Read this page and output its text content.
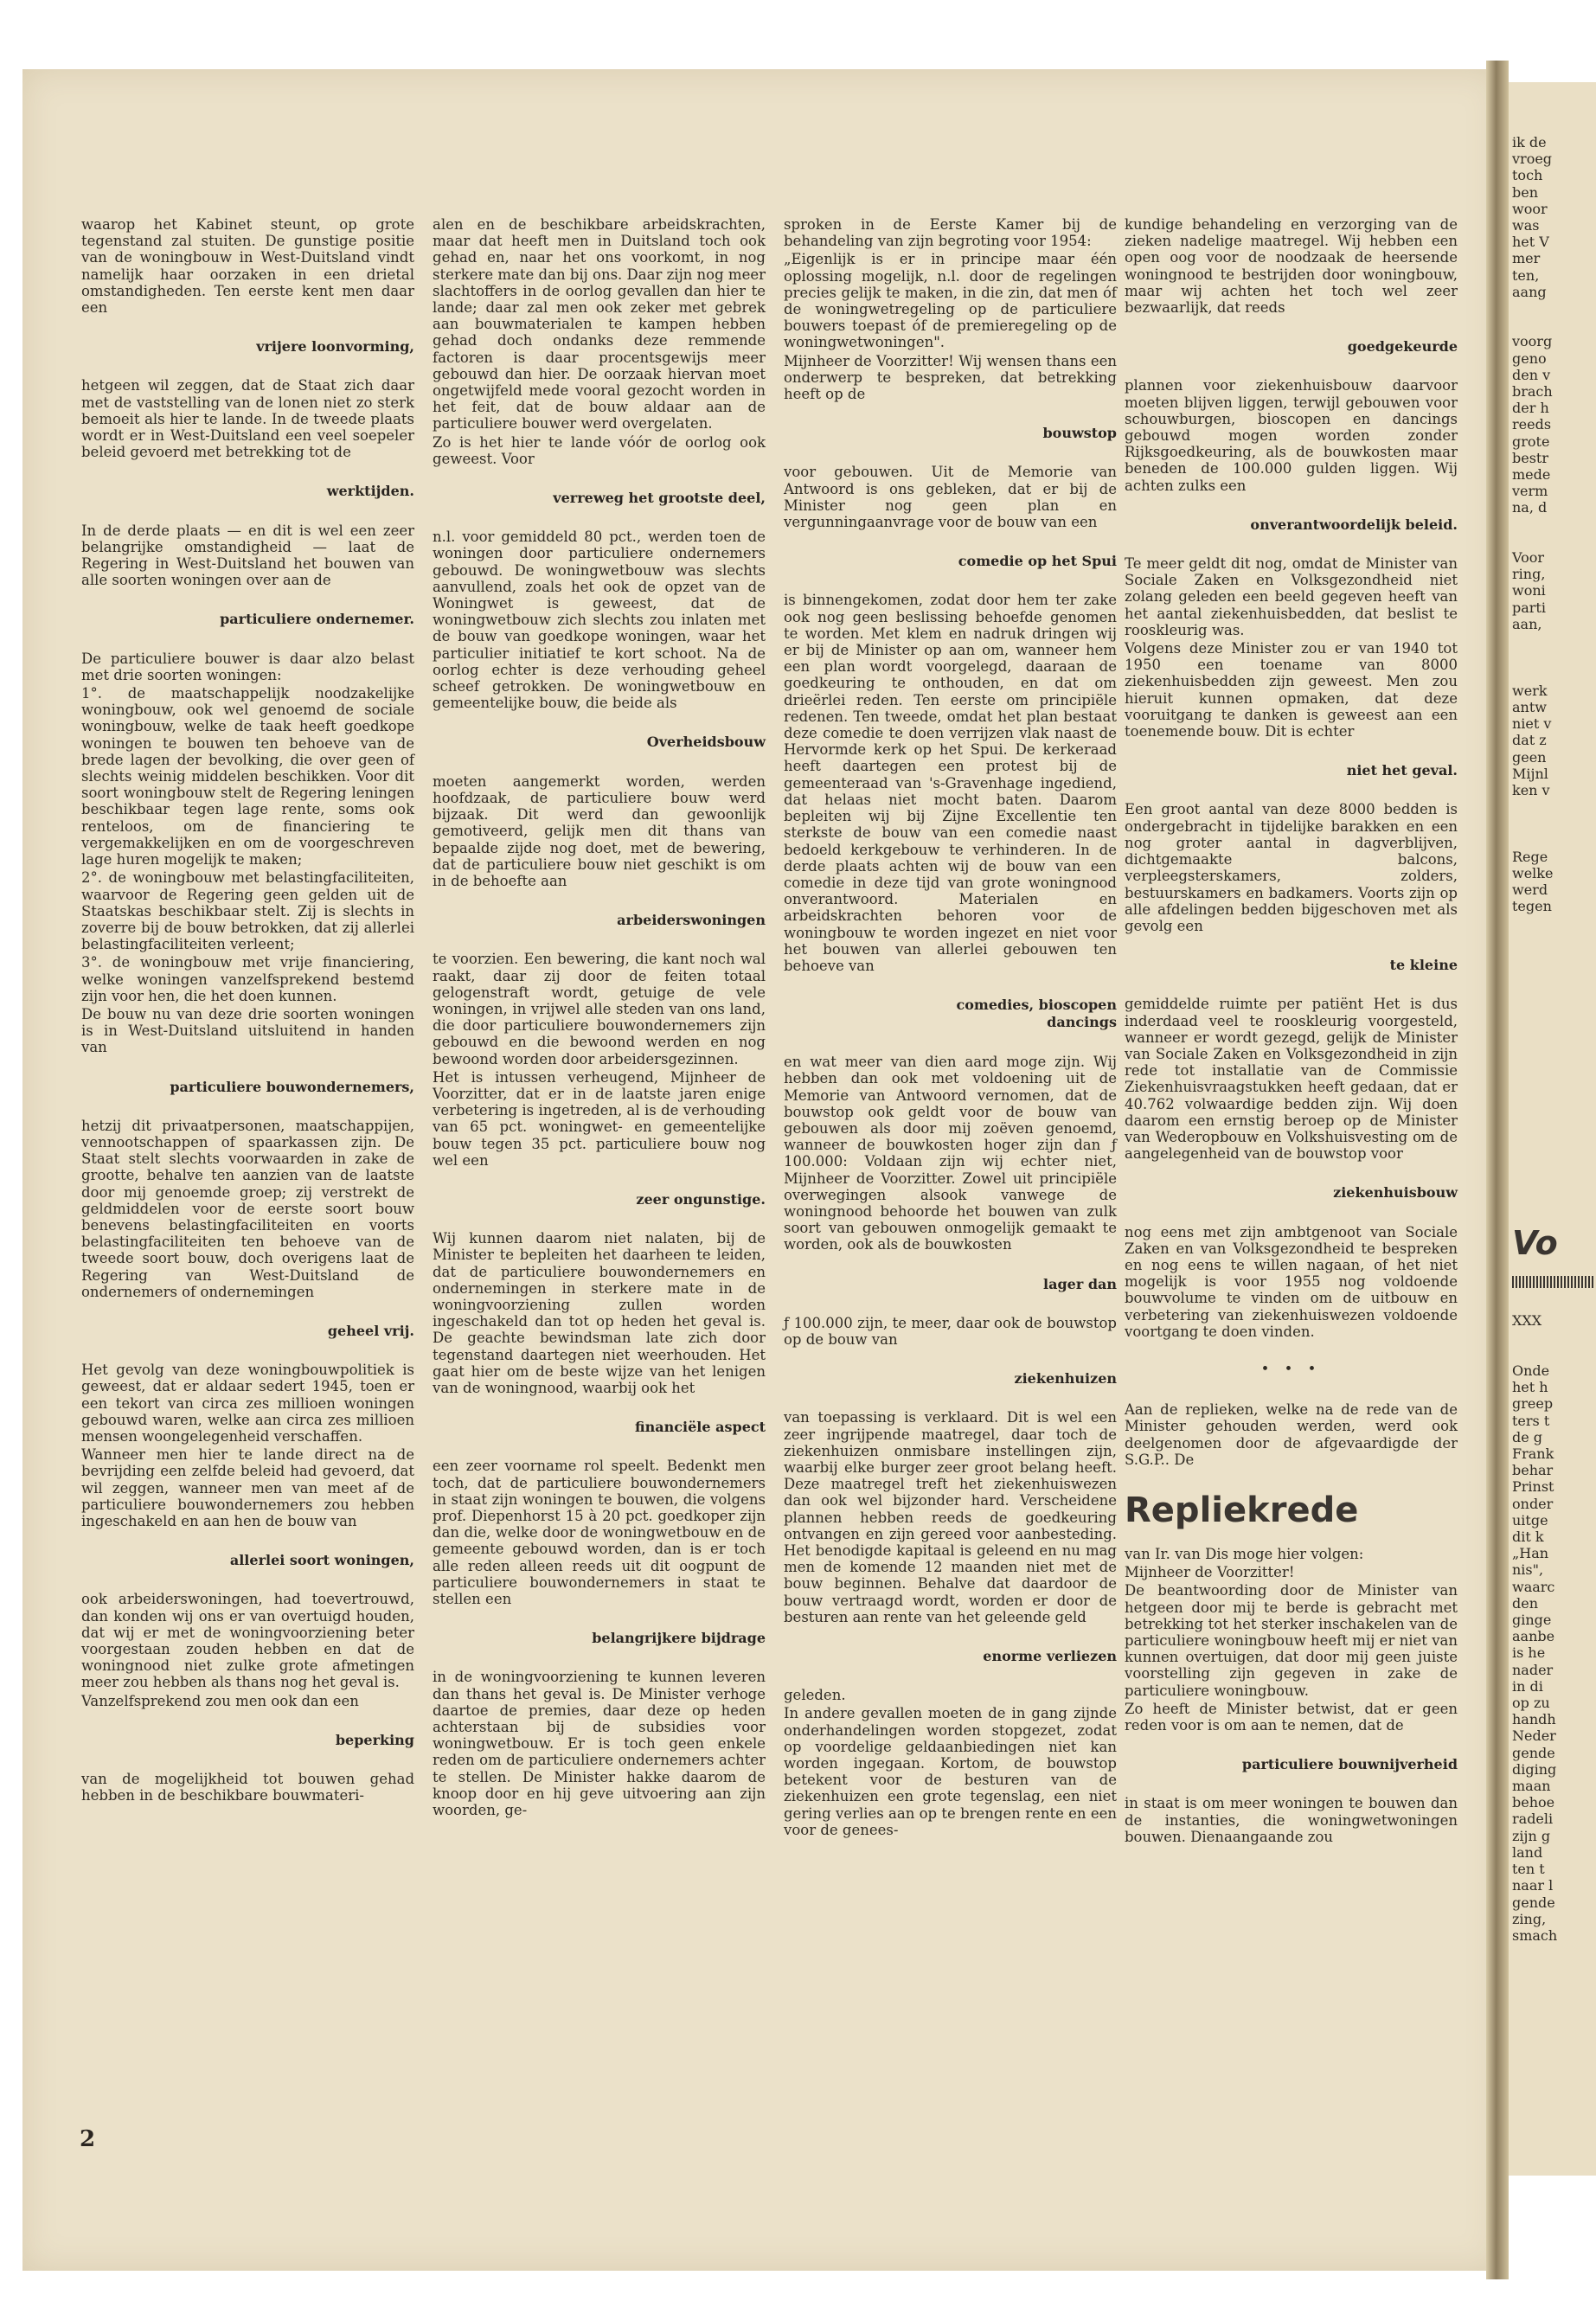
waarop het Kabinet steunt, op grote tegenstand zal stuiten. De gunstige positie van de woningbouw in West-Duitsland vindt namelijk haar oorzaken in een drietal omstandigheden. Ten eerste kent men daar een

vrijere loonvorming,

hetgeen wil zeggen, dat de Staat zich daar met de vaststelling van de lonen niet zo sterk bemoeit als hier te lande. In de tweede plaats wordt er in West-Duitsland een veel soepeler beleid gevoerd met betrekking tot de

werktijden.

In de derde plaats — en dit is wel een zeer belangrijke omstandigheid — laat de Regering in West-Duitsland het bouwen van alle soorten woningen over aan de

particuliere ondernemer.

De particuliere bouwer is daar alzo belast met drie soorten woningen:

1°. de maatschappelijk noodzakelijke woningbouw, ook wel genoemd de sociale woningbouw, welke de taak heeft goedkope woningen te bouwen ten behoeve van de brede lagen der bevolking, die over geen of slechts weinig middelen beschikken. Voor dit soort woningbouw stelt de Regering leningen beschikbaar tegen lage rente, soms ook renteloos, om de financiering te vergemakkelijken en om de voorgeschreven lage huren mogelijk te maken;

2°. de woningbouw met belastingfaciliteiten, waarvoor de Regering geen gelden uit de Staatskas beschikbaar stelt. Zij is slechts in zoverre bij de bouw betrokken, dat zij allerlei belastingfaciliteiten verleent;

3°. de woningbouw met vrije financiering, welke woningen vanzelfsprekend bestemd zijn voor hen, die het doen kunnen.

De bouw nu van deze drie soorten woningen is in West-Duitsland uitsluitend in handen van

particuliere bouwondernemers,

hetzij dit privaatpersonen, maatschappijen, vennootschappen of spaarkassen zijn. De Staat stelt slechts voorwaarden in zake de grootte, behalve ten aanzien van de laatste door mij genoemde groep; zij verstrekt de geldmiddelen voor de eerste soort bouw benevens belastingfaciliteiten en voorts belastingfaciliteiten ten behoeve van de tweede soort bouw, doch overigens laat de Regering van West-Duitsland de ondernemers of ondernemingen

geheel vrij.

Het gevolg van deze woningbouwpolitiek is geweest, dat er aldaar sedert 1945, toen er een tekort van circa zes millioen woningen gebouwd waren, welke aan circa zes millioen mensen woongelegenheid verschaffen.

Wanneer men hier te lande direct na de bevrijding een zelfde beleid had gevoerd, dat wil zeggen, wanneer men van meet af de particuliere bouwondernemers zou hebben ingeschakeld en aan hen de bouw van

allerlei soort woningen,

ook arbeiderswoningen, had toevertrouwd, dan konden wij ons er van overtuigd houden, dat wij er met de woningvoorziening beter voorgestaan zouden hebben en dat de woningnood niet zulke grote afmetingen meer zou hebben als thans nog het geval is.

Vanzelfsprekend zou men ook dan een

beperking

van de mogelijkheid tot bouwen gehad hebben in de beschikbare bouwmateri-

alen en de beschikbare arbeidskrachten, maar dat heeft men in Duitsland toch ook gehad en, naar het ons voorkomt, in nog sterkere mate dan bij ons. Daar zijn nog meer slachtoffers in de oorlog gevallen dan hier te lande; daar zal men ook zeker met gebrek aan bouwmaterialen te kampen hebben gehad doch ondanks deze remmende factoren is daar procentsgewijs meer gebouwd dan hier. De oorzaak hiervan moet ongetwijfeld mede vooral gezocht worden in het feit, dat de bouw aldaar aan de particuliere bouwer werd overgelaten.

Zo is het hier te lande vóór de oorlog ook geweest. Voor

verreweg het grootste deel,

n.l. voor gemiddeld 80 pct., werden toen de woningen door particuliere ondernemers gebouwd. De woningwetbouw was slechts aanvullend, zoals het ook de opzet van de Woningwet is geweest, dat de woningwetbouw zich slechts zou inlaten met de bouw van goedkope woningen, waar het particulier initiatief te kort schoot. Na de oorlog echter is deze verhouding geheel scheef getrokken. De woningwetbouw en gemeentelijke bouw, die beide als

Overheidsbouw

moeten aangemerkt worden, werden hoofdzaak, de particuliere bouw werd bijzaak. Dit werd dan gewoonlijk gemotiveerd, gelijk men dit thans van bepaalde zijde nog doet, met de bewering, dat de particuliere bouw niet geschikt is om in de behoefte aan

arbeiderswoningen

te voorzien. Een bewering, die kant noch wal raakt, daar zij door de feiten totaal gelogenstraft wordt, getuige de vele woningen, in vrijwel alle steden van ons land, die door particuliere bouwondernemers zijn gebouwd en die bewoond werden en nog bewoond worden door arbeidersgezinnen.

Het is intussen verheugend, Mijnheer de Voorzitter, dat er in de laatste jaren enige verbetering is ingetreden, al is de verhouding van 65 pct. woningwet- en gemeentelijke bouw tegen 35 pct. particuliere bouw nog wel een

zeer ongunstige.

Wij kunnen daarom niet nalaten, bij de Minister te bepleiten het daarheen te leiden, dat de particuliere bouwondernemers en ondernemingen in sterkere mate in de woningvoorziening zullen worden ingeschakeld dan tot op heden het geval is. De geachte bewindsman late zich door tegenstand daartegen niet weerhouden. Het gaat hier om de beste wijze van het lenigen van de woningnood, waarbij ook het

financiële aspect

een zeer voorname rol speelt. Bedenkt men toch, dat de particuliere bouwondernemers in staat zijn woningen te bouwen, die volgens prof. Diepenhorst 15 à 20 pct. goedkoper zijn dan die, welke door de woningwetbouw en de gemeente gebouwd worden, dan is er toch alle reden alleen reeds uit dit oogpunt de particuliere bouwondernemers in staat te stellen een

belangrijkere bijdrage

in de woningvoorziening te kunnen leveren dan thans het geval is. De Minister verhoge daartoe de premies, daar deze op heden achterstaan bij de subsidies voor woningwetbouw. Er is toch geen enkele reden om de particuliere ondernemers achter te stellen. De Minister hakke daarom de knoop door en hij geve uitvoering aan zijn woorden, ge-

sproken in de Eerste Kamer bij de behandeling van zijn begroting voor 1954:

„Eigenlijk is er in principe maar één oplossing mogelijk, n.l. door de regelingen precies gelijk te maken, in die zin, dat men óf de woningwetregeling op de particuliere bouwers toepast óf de premieregeling op de woningwetwoningen".

Mijnheer de Voorzitter! Wij wensen thans een onderwerp te bespreken, dat betrekking heeft op de

bouwstop

voor gebouwen. Uit de Memorie van Antwoord is ons gebleken, dat er bij de Minister nog geen plan en vergunningaanvrage voor de bouw van een

comedie op het Spui

is binnengekomen, zodat door hem ter zake ook nog geen beslissing behoefde genomen te worden. Met klem en nadruk dringen wij er bij de Minister op aan om, wanneer hem een plan wordt voorgelegd, daaraan de goedkeuring te onthouden, en dat om drieërlei reden. Ten eerste om principiële redenen. Ten tweede, omdat het plan bestaat deze comedie te doen verrijzen vlak naast de Hervormde kerk op het Spui. De kerkeraad heeft daartegen een protest bij de gemeenteraad van 's-Gravenhage ingediend, dat helaas niet mocht baten. Daarom bepleiten wij bij Zijne Excellentie ten sterkste de bouw van een comedie naast bedoeld kerkgebouw te verhinderen. In de derde plaats achten wij de bouw van een comedie in deze tijd van grote woningnood onverantwoord. Materialen en arbeidskrachten behoren voor de woningbouw te worden ingezet en niet voor het bouwen van allerlei gebouwen ten behoeve van

comedies, bioscopen
dancings

en wat meer van dien aard moge zijn. Wij hebben dan ook met voldoening uit de Memorie van Antwoord vernomen, dat de bouwstop ook geldt voor de bouw van gebouwen als door mij zoëven genoemd, wanneer de bouwkosten hoger zijn dan ƒ 100.000: Voldaan zijn wij echter niet, Mijnheer de Voorzitter. Zowel uit principiële overwegingen alsook vanwege de woningnood behoorde het bouwen van zulk soort van gebouwen onmogelijk gemaakt te worden, ook als de bouwkosten

lager dan

ƒ 100.000 zijn, te meer, daar ook de bouwstop op de bouw van

ziekenhuizen

van toepassing is verklaard. Dit is wel een zeer ingrijpende maatregel, daar toch de ziekenhuizen onmisbare instellingen zijn, waarbij elke burger zeer groot belang heeft. Deze maatregel treft het ziekenhuiswezen dan ook wel bijzonder hard. Verscheidene plannen hebben reeds de goedkeuring ontvangen en zijn gereed voor aanbesteding. Het benodigde kapitaal is geleend en nu mag men de komende 12 maanden niet met de bouw beginnen. Behalve dat daardoor de bouw vertraagd wordt, worden er door de besturen aan rente van het geleende geld

enorme verliezen

geleden.

In andere gevallen moeten de in gang zijnde onderhandelingen worden stopgezet, zodat op voordelige geldaanbiedingen niet kan worden ingegaan. Kortom, de bouwstop betekent voor de besturen van de ziekenhuizen een grote tegenslag, een niet gering verlies aan op te brengen rente en een voor de genees-

kundige behandeling en verzorging van de zieken nadelige maatregel. Wij hebben een open oog voor de noodzaak de heersende woningnood te bestrijden door woningbouw, maar wij achten het toch wel zeer bezwaarlijk, dat reeds

goedgekeurde

plannen voor ziekenhuisbouw daarvoor moeten blijven liggen, terwijl gebouwen voor schouwburgen, bioscopen en dancings gebouwd mogen worden zonder Rijksgoedkeuring, als de bouwkosten maar beneden de 100.000 gulden liggen. Wij achten zulks een

onverantwoordelijk beleid.

Te meer geldt dit nog, omdat de Minister van Sociale Zaken en Volksgezondheid niet zolang geleden een beeld gegeven heeft van het aantal ziekenhuisbedden, dat beslist te rooskleurig was.

Volgens deze Minister zou er van 1940 tot 1950 een toename van 8000 ziekenhuisbedden zijn geweest. Men zou hieruit kunnen opmaken, dat deze vooruitgang te danken is geweest aan een toenemende bouw. Dit is echter

niet het geval.

Een groot aantal van deze 8000 bedden is ondergebracht in tijdelijke barakken en een nog groter aantal in dagverblijven, dichtgemaakte balcons, verpleegsterskamers, zolders, bestuurskamers en badkamers. Voorts zijn op alle afdelingen bedden bijgeschoven met als gevolg een

te kleine

gemiddelde ruimte per patiënt Het is dus inderdaad veel te rooskleurig voorgesteld, wanneer er wordt gezegd, gelijk de Minister van Sociale Zaken en Volksgezondheid in zijn rede tot installatie van de Commissie Ziekenhuisvraagstukken heeft gedaan, dat er 40.762 volwaardige bedden zijn. Wij doen daarom een ernstig beroep op de Minister van Wederopbouw en Volkshuisvesting om de aangelegenheid van de bouwstop voor

ziekenhuisbouw

nog eens met zijn ambtgenoot van Sociale Zaken en van Volksgezondheid te bespreken en nog eens te willen nagaan, of het niet mogelijk is voor 1955 nog voldoende bouwvolume te vinden om de uitbouw en verbetering van ziekenhuiswezen voldoende voortgang te doen vinden.

• • •

Aan de replieken, welke na de rede van de Minister gehouden werden, werd ook deelgenomen door de afgevaardigde der S.G.P.. De

Repliekrede

van Ir. van Dis moge hier volgen:

Mijnheer de Voorzitter!

De beantwoording door de Minister van hetgeen door mij te berde is gebracht met betrekking tot het sterker inschakelen van de particuliere woningbouw heeft mij er niet van kunnen overtuigen, dat door mij geen juiste voorstelling zijn gegeven in zake de particuliere woningbouw.

Zo heeft de Minister betwist, dat er geen reden voor is om aan te nemen, dat de

particuliere bouwnijverheid

in staat is om meer woningen te bouwen dan de instanties, die woningwetwoningen bouwen. Dienaangaande zou

2
ik de
vroeg
toch
ben
woor
was
het V
mer
ten,
aang

voorg
geno
den v
brach
der h
reeds
grote
bestr
mede
verm
na, d

Voor
ring,
woni
parti
aan,

werk
antw
niet v
dat z
geen
Mijnl
ken v

Rege
welke
werd
tegen
Vo
XXX
Onde
het h
greep
ters t
de g
Frank
behar
Prinst
onder
uitge
dit k
„Han
nis",
waarc
den
ginge
aanbe
is he
nader
in di
op zu
handh
Neder
gende
diging
maan
behoe
radeli
zijn g
land
ten t
naar l
gende
zing,
smach
